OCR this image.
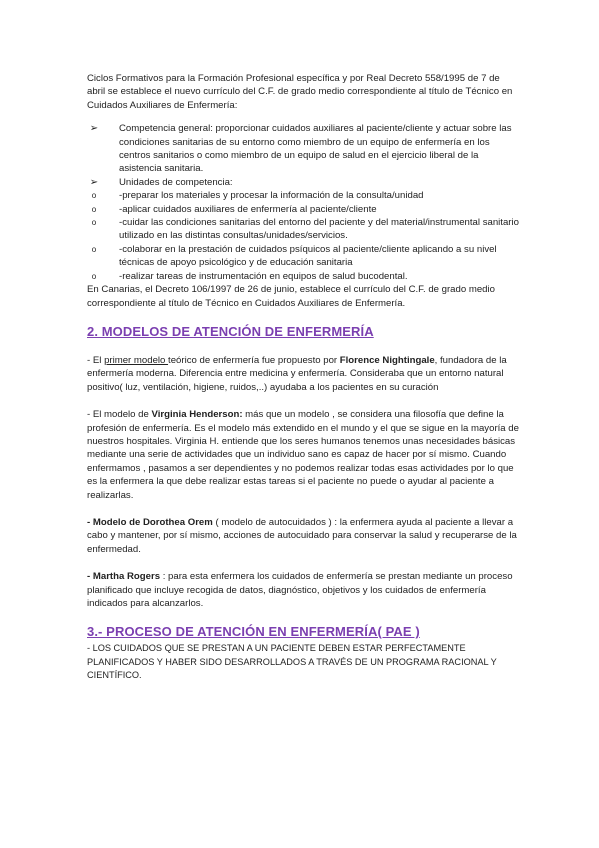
Ciclos Formativos para la Formación Profesional específica y por Real Decreto 558/1995 de 7 de abril se establece el nuevo currículo del C.F. de grado medio correspondiente al título de Técnico en Cuidados Auxiliares de Enfermería:

➢ Competencia general: proporcionar cuidados auxiliares al paciente/cliente y actuar sobre las condiciones sanitarias de su entorno como miembro de un equipo de enfermería en los centros sanitarios o como miembro de un equipo de salud en el ejercicio liberal de la asistencia sanitaria.
➢ Unidades de competencia:
o	-preparar los materiales y procesar la información de la consulta/unidad
o	-aplicar cuidados auxiliares de enfermería al paciente/cliente
o	-cuidar las condiciones sanitarias del entorno del paciente y del material/instrumental sanitario utilizado en las distintas consultas/unidades/servicios.
o	-colaborar en la prestación de cuidados psíquicos al paciente/cliente aplicando a su nivel técnicas de apoyo psicológico y de educación sanitaria
o	-realizar tareas de instrumentación en equipos de salud bucodental.

En Canarias, el Decreto 106/1997 de 26 de junio, establece el currículo del C.F. de grado medio correspondiente al título de Técnico en Cuidados Auxiliares de Enfermería.

2. MODELOS DE ATENCIÓN DE ENFERMERÍA

- El primer modelo teórico de enfermería fue propuesto por Florence Nightingale, fundadora de la enfermería moderna. Diferencia entre medicina y enfermería. Consideraba que un entorno natural positivo( luz, ventilación, higiene, ruidos,..) ayudaba a los pacientes en su curación

- El modelo de Virginia Henderson: más que un modelo , se considera una filosofía que define la profesión de enfermería. Es el modelo más extendido en el mundo y el que se sigue en la mayoría de nuestros hospitales. Virginia H. entiende que los seres humanos tenemos unas necesidades básicas mediante una serie de actividades que un individuo sano es capaz de hacer por sí mismo. Cuando enfermamos , pasamos a ser dependientes y no podemos realizar todas esas actividades por lo que es la enfermera la que debe realizar estas tareas si el paciente no puede o ayudar al paciente a realizarlas.

- Modelo de Dorothea Orem ( modelo de autocuidados ) : la enfermera ayuda al paciente a llevar a cabo y mantener, por sí mismo, acciones de autocuidado para conservar la salud y recuperarse de la enfermedad.

- Martha Rogers : para esta enfermera los cuidados de enfermería se prestan mediante un proceso planificado que incluye recogida de datos, diagnóstico, objetivos y los cuidados de enfermería indicados para alcanzarlos.

3.- PROCESO DE ATENCIÓN EN ENFERMERÍA( PAE )

- LOS CUIDADOS QUE SE PRESTAN A UN PACIENTE DEBEN ESTAR PERFECTAMENTE PLANIFICADOS Y HABER SIDO DESARROLLADOS A TRAVÉS DE UN PROGRAMA RACIONAL Y CIENTÍFICO.
